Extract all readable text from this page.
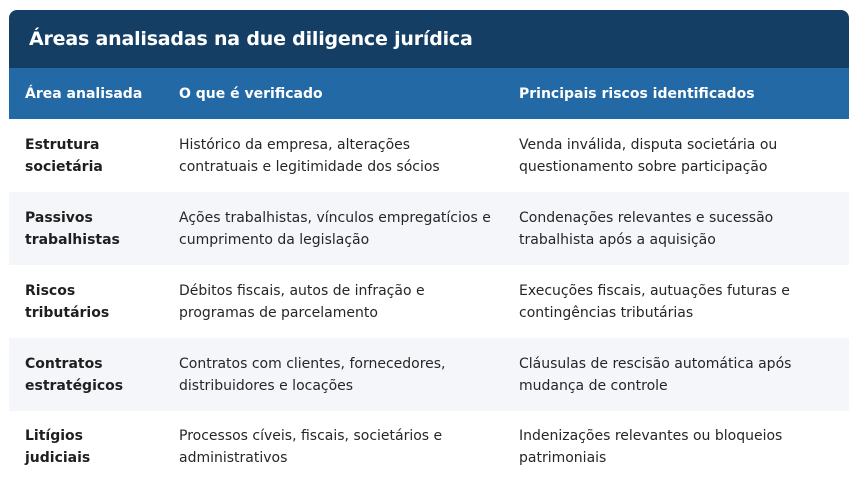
Áreas analisadas na due diligence jurídica
Área analisada	O que é verificado	Principais riscos identificados
Estrutura societária	Histórico da empresa, alterações contratuais e legitimidade dos sócios	Venda inválida, disputa societária ou questionamento sobre participação
Passivos trabalhistas	Ações trabalhistas, vínculos empregatícios e cumprimento da legislação	Condenações relevantes e sucessão trabalhista após a aquisição
Riscos tributários	Débitos fiscais, autos de infração e programas de parcelamento	Execuções fiscais, autuações futuras e contingências tributárias
Contratos estratégicos	Contratos com clientes, fornecedores, distribuidores e locações	Cláusulas de rescisão automática após mudança de controle
Litígios judiciais	Processos cíveis, fiscais, societários e administrativos	Indenizações relevantes ou bloqueios patrimoniais
